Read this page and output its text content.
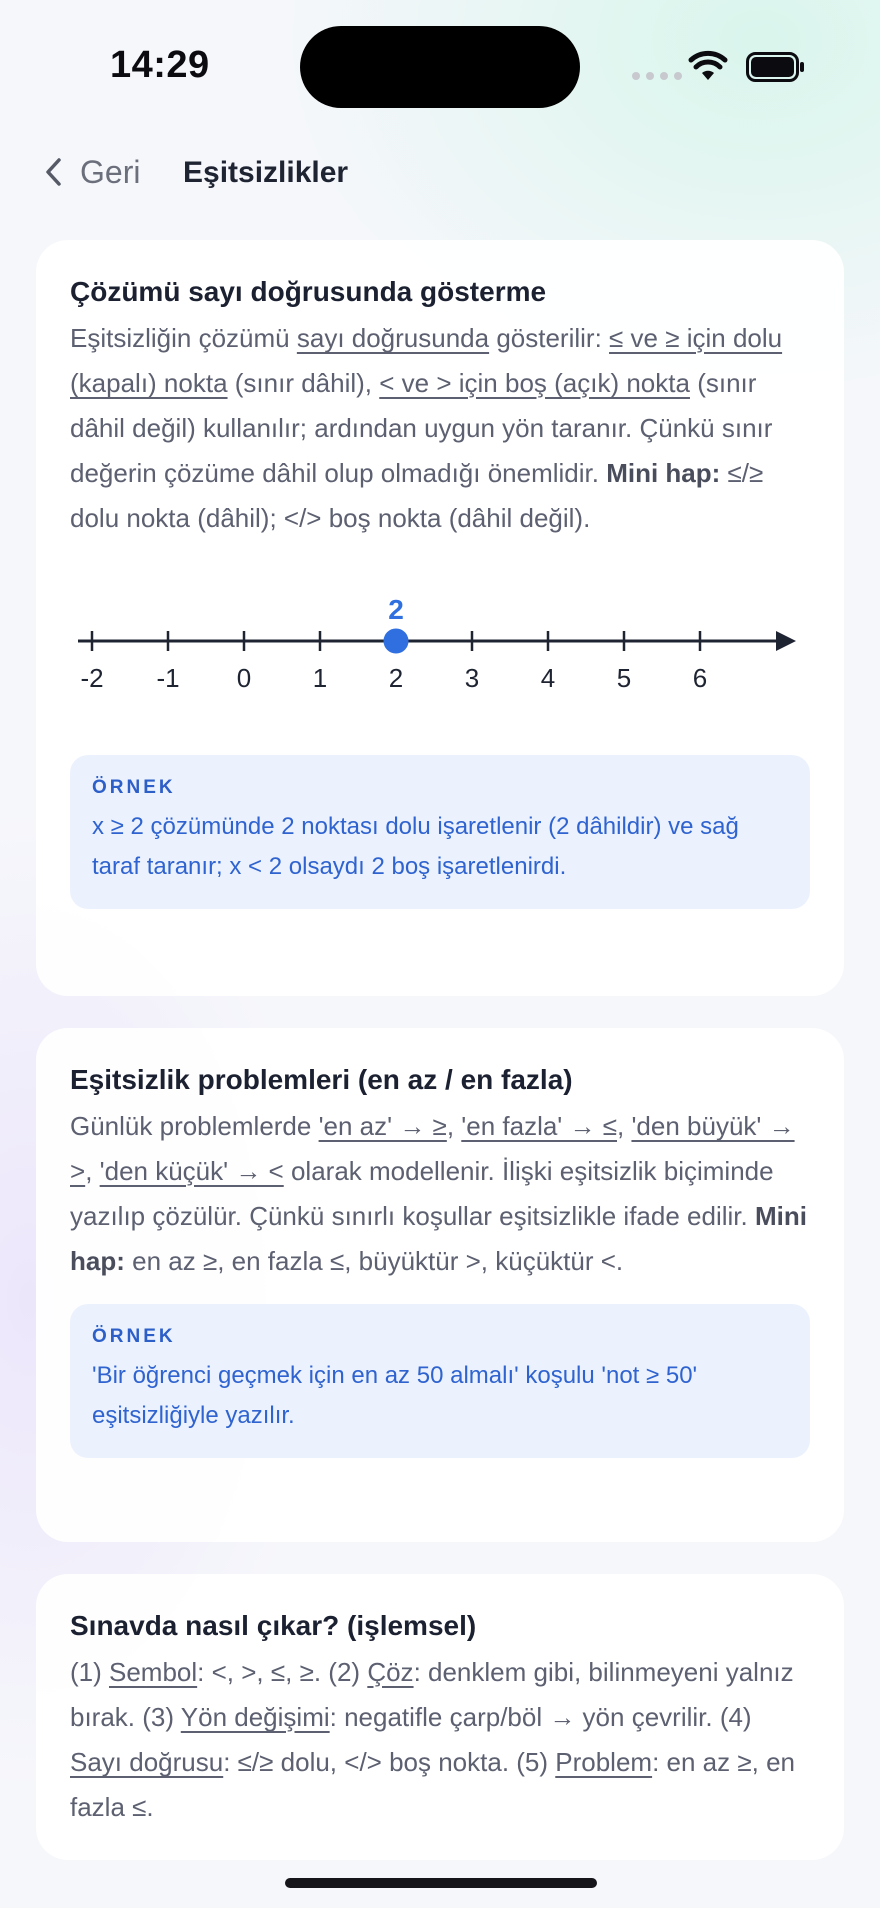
14:29
Geri Eşitsizlikler
Çözümü sayı doğrusunda gösterme

Eşitsizliğin çözümü sayı doğrusunda gösterilir: ≤ ve ≥ için dolu (kapalı) nokta (sınır dâhil), < ve > için boş (açık) nokta (sınır dâhil değil) kullanılır; ardından uygun yön taranır. Çünkü sınır değerin çözüme dâhil olup olmadığı önemlidir. Mini hap: ≤/≥ dolu nokta (dâhil); </> boş nokta (dâhil değil).

-2 -1 0 1 2 3 4 5 6
2
ÖRNEK
x ≥ 2 çözümünde 2 noktası dolu işaretlenir (2 dâhildir) ve sağ taraf taranır; x < 2 olsaydı 2 boş işaretlenirdi.
Eşitsizlik problemleri (en az / en fazla)

Günlük problemlerde 'en az' → ≥, 'en fazla' → ≤, 'den büyük' → >, 'den küçük' → < olarak modellenir. İlişki eşitsizlik biçiminde yazılıp çözülür. Çünkü sınırlı koşullar eşitsizlikle ifade edilir. Mini hap: en az ≥, en fazla ≤, büyüktür >, küçüktür <.

ÖRNEK
'Bir öğrenci geçmek için en az 50 almalı' koşulu 'not ≥ 50' eşitsizliğiyle yazılır.
Sınavda nasıl çıkar? (işlemsel)

(1) Sembol: <, >, ≤, ≥. (2) Çöz: denklem gibi, bilinmeyeni yalnız bırak. (3) Yön değişimi: negatifle çarp/böl → yön çevrilir. (4) Sayı doğrusu: ≤/≥ dolu, </> boş nokta. (5) Problem: en az ≥, en fazla ≤.
